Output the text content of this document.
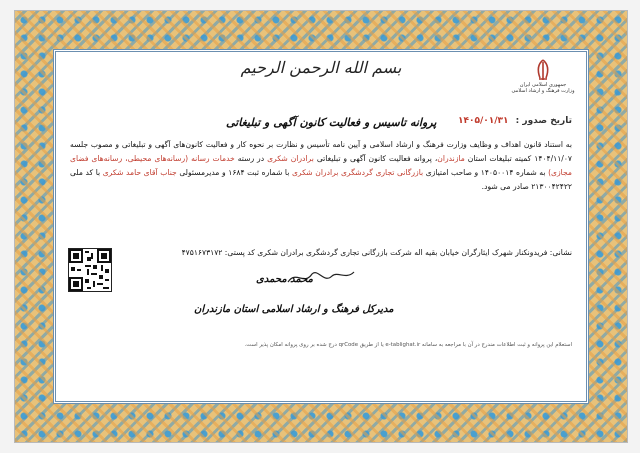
جمهوری اسلامی ایران
وزارت فرهنگ و ارشاد اسلامی
بسم الله الرحمن الرحیم
تاریخ صدور : ۱۴۰۵/۰۱/۳۱
پروانه تاسیس و فعالیت کانون آگهی و تبلیغاتی
به استناد قانون اهداف و وظایف وزارت فرهنگ و ارشاد اسلامی و آیین نامه تأسیس و نظارت بر نحوه کار و فعالیت کانون‌های آگهی و تبلیغاتی و مصوب جلسه ۱۴۰۴/۱۱/۰۷ کمیته تبلیغات استان مازندران، پروانه فعالیت کانون آگهی و تبلیغاتی برادران شکری در رسته خدمات رسانه (رسانه‌های محیطی، رسانه‌های فضای مجازی) به شماره ۱۴۰۵۰۰۱۴ و صاحب امتیازی بازرگانی تجاری گردشگری برادران شکری با شماره ثبت ۱۶۸۴ و مدیرمسئولی جناب آقای حامد شکری با کد ملی ۲۱۳۰۰۴۲۴۲۲ صادر می شود.
نشانی: فریدونکنار شهرک ایثارگران خیابان بقیه اله شرکت بازرگانی تجاری گردشگری برادران شکری کد پستی: ۴۷۵۱۶۷۳۱۷۲
محمد محمدی
مدیرکل فرهنگ و ارشاد اسلامی استان مازندران
استعلام این پروانه و ثبت اطلاعات مندرج در آن با مراجعه به سامانه e-tablighat.ir یا از طریق qrCode درج شده بر روی پروانه امکان پذیر است.
